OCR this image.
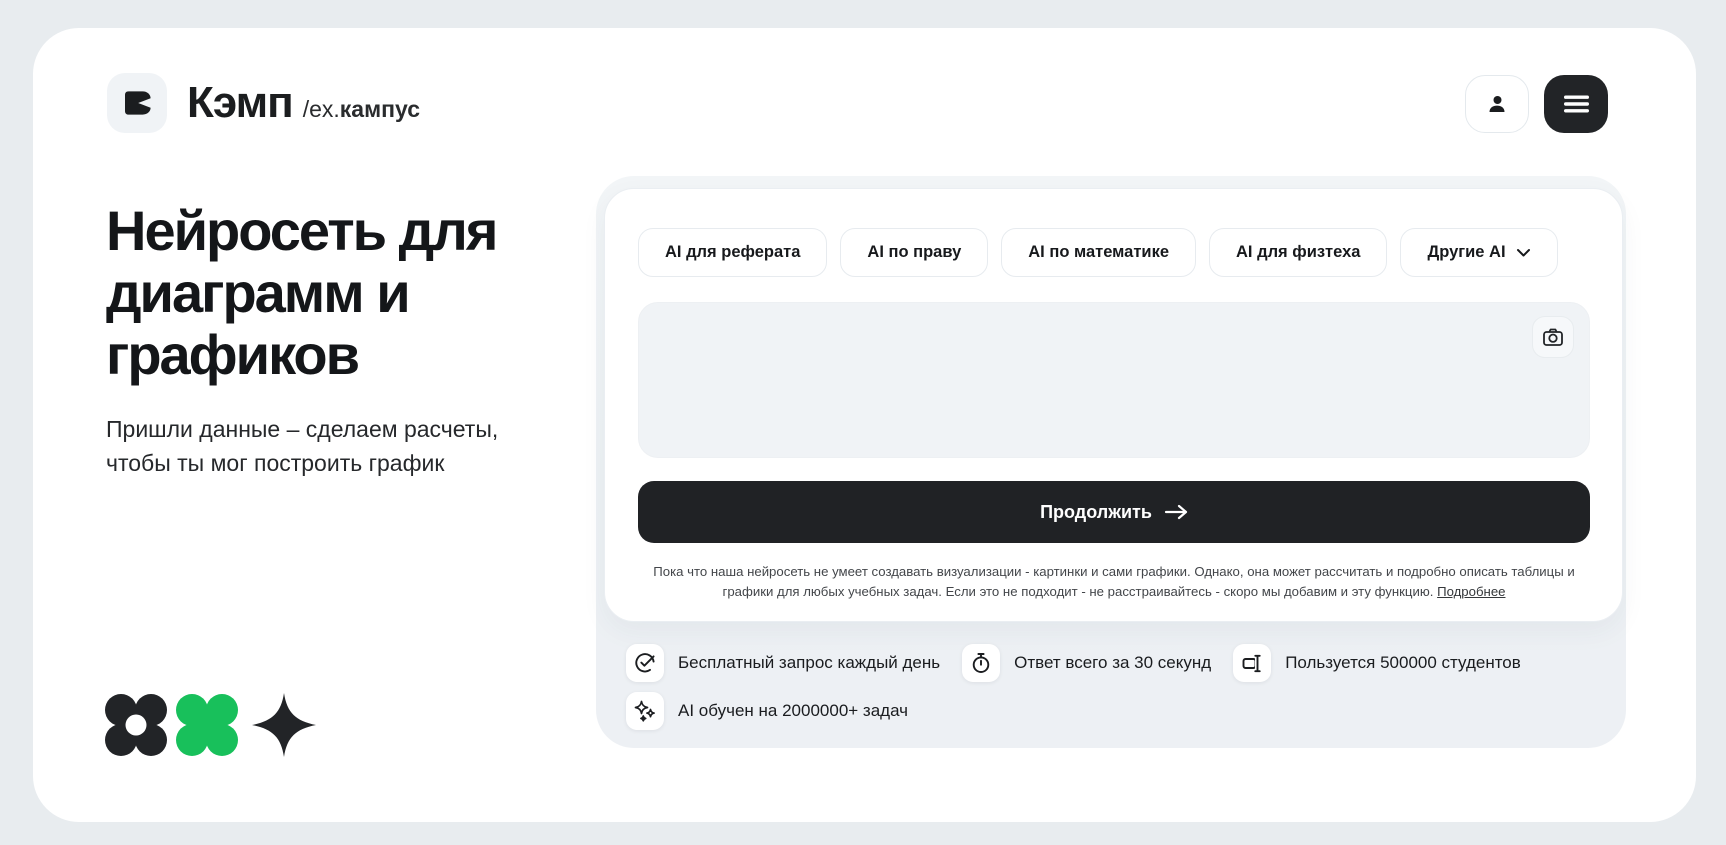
Кэмп /ex.кампус
Нейросеть для
диаграмм и
графиков
Пришли данные – сделаем расчеты,
чтобы ты мог построить график
AI для реферата	AI по праву	AI по математике	AI для физтеха	Другие AI
Продолжить
Пока что наша нейросеть не умеет создавать визуализации - картинки и сами графики. Однако, она может рассчитать и подробно описать таблицы и графики для любых учебных задач. Если это не подходит - не расстраивайтесь - скоро мы добавим и эту функцию. Подробнее
Бесплатный запрос каждый день	Ответ всего за 30 секунд	Пользуется 500000 студентов
AI обучен на 2000000+ задач
